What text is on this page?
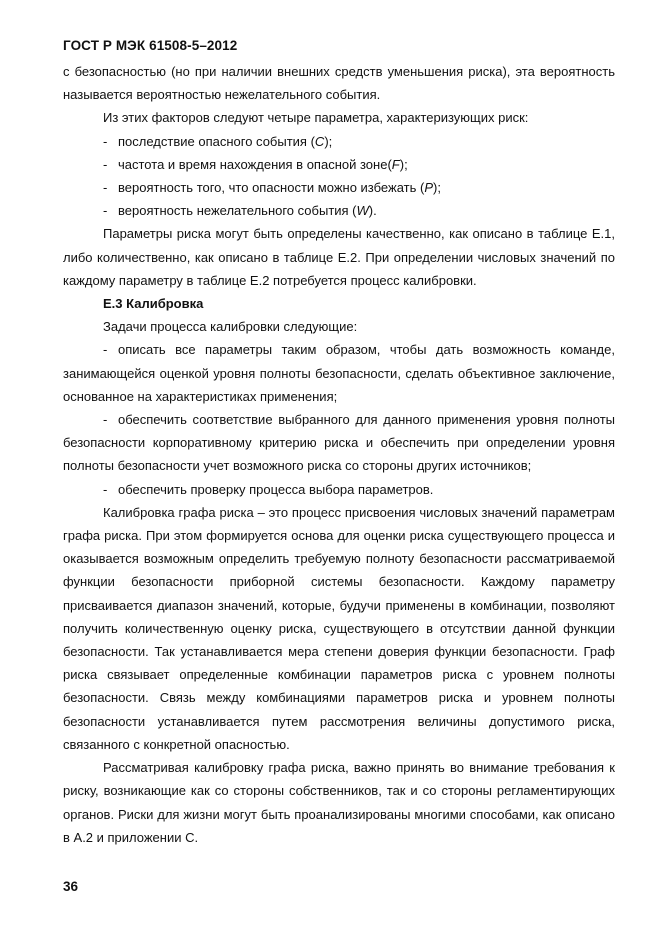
ГОСТ Р МЭК 61508-5–2012

с безопасностью (но при наличии внешних средств уменьшения риска), эта вероятность называется вероятностью нежелательного события.

Из этих факторов следуют четыре параметра, характеризующих риск:

- последствие опасного события (C);

- частота и время нахождения в опасной зоне(F);

- вероятность того, что опасности можно избежать (P);

- вероятность нежелательного события (W).

Параметры риска могут быть определены качественно, как описано в таблице Е.1, либо количественно, как описано в таблице Е.2. При определении числовых значений по каждому параметру в таблице Е.2 потребуется процесс калибровки.

Е.3 Калибровка

Задачи процесса калибровки следующие:

- описать все параметры таким образом, чтобы дать возможность команде, занимающейся оценкой уровня полноты безопасности, сделать объективное заключение, основанное на характеристиках применения;

- обеспечить соответствие выбранного для данного применения уровня полноты безопасности корпоративному критерию риска и обеспечить при определении уровня полноты безопасности учет возможного риска со стороны других источников;

- обеспечить проверку процесса выбора параметров.

Калибровка графа риска – это процесс присвоения числовых значений параметрам графа риска. При этом формируется основа для оценки риска существующего процесса и оказывается возможным определить требуемую полноту безопасности рассматриваемой функции безопасности приборной системы безопасности. Каждому параметру присваивается диапазон значений, которые, будучи применены в комбинации, позволяют получить количественную оценку риска, существующего в отсутствии данной функции безопасности. Так устанавливается мера степени доверия функции безопасности. Граф риска связывает определенные комбинации параметров риска с уровнем полноты безопасности. Связь между комбинациями параметров риска и уровнем полноты безопасности устанавливается путем рассмотрения величины допустимого риска, связанного с конкретной опасностью.

Рассматривая калибровку графа риска, важно принять во внимание требования к риску, возникающие как со стороны собственников, так и со стороны регламентирующих органов. Риски для жизни могут быть проанализированы многими способами, как описано в А.2 и приложении С.

36
